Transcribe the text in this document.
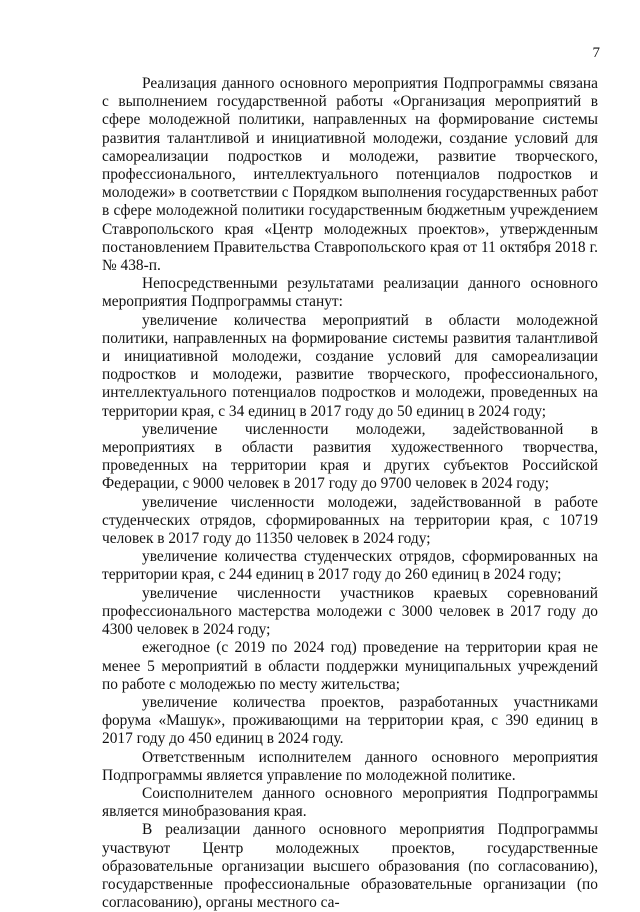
7

Реализация данного основного мероприятия Подпрограммы связана с выполнением государственной работы «Организация мероприятий в сфере молодежной политики, направленных на формирование системы развития талантливой и инициативной молодежи, создание условий для самореализации подростков и молодежи, развитие творческого, профессионального, интеллектуального потенциалов подростков и молодежи» в соответствии с Порядком выполнения государственных работ в сфере молодежной политики государственным бюджетным учреждением Ставропольского края «Центр молодежных проектов», утвержденным постановлением Правительства Ставропольского края от 11 октября 2018 г. № 438-п.

Непосредственными результатами реализации данного основного мероприятия Подпрограммы станут:

увеличение количества мероприятий в области молодежной политики, направленных на формирование системы развития талантливой и инициативной молодежи, создание условий для самореализации подростков и молодежи, развитие творческого, профессионального, интеллектуального потенциалов подростков и молодежи, проведенных на территории края, с 34 единиц в 2017 году до 50 единиц в 2024 году;

увеличение численности молодежи, задействованной в мероприятиях в области развития художественного творчества, проведенных на территории края и других субъектов Российской Федерации, с 9000 человек в 2017 году до 9700 человек в 2024 году;

увеличение численности молодежи, задействованной в работе студенческих отрядов, сформированных на территории края, с 10719 человек в 2017 году до 11350 человек в 2024 году;

увеличение количества студенческих отрядов, сформированных на территории края, с 244 единиц в 2017 году до 260 единиц в 2024 году;

увеличение численности участников краевых соревнований профессионального мастерства молодежи с 3000 человек в 2017 году до 4300 человек в 2024 году;

ежегодное (с 2019 по 2024 год) проведение на территории края не менее 5 мероприятий в области поддержки муниципальных учреждений по работе с молодежью по месту жительства;

увеличение количества проектов, разработанных участниками форума «Машук», проживающими на территории края, с 390 единиц в 2017 году до 450 единиц в 2024 году.

Ответственным исполнителем данного основного мероприятия Подпрограммы является управление по молодежной политике.

Соисполнителем данного основного мероприятия Подпрограммы является минобразования края.

В реализации данного основного мероприятия Подпрограммы участвуют Центр молодежных проектов, государственные образовательные организации высшего образования (по согласованию), государственные профессиональные образовательные организации (по согласованию), органы местного са-
